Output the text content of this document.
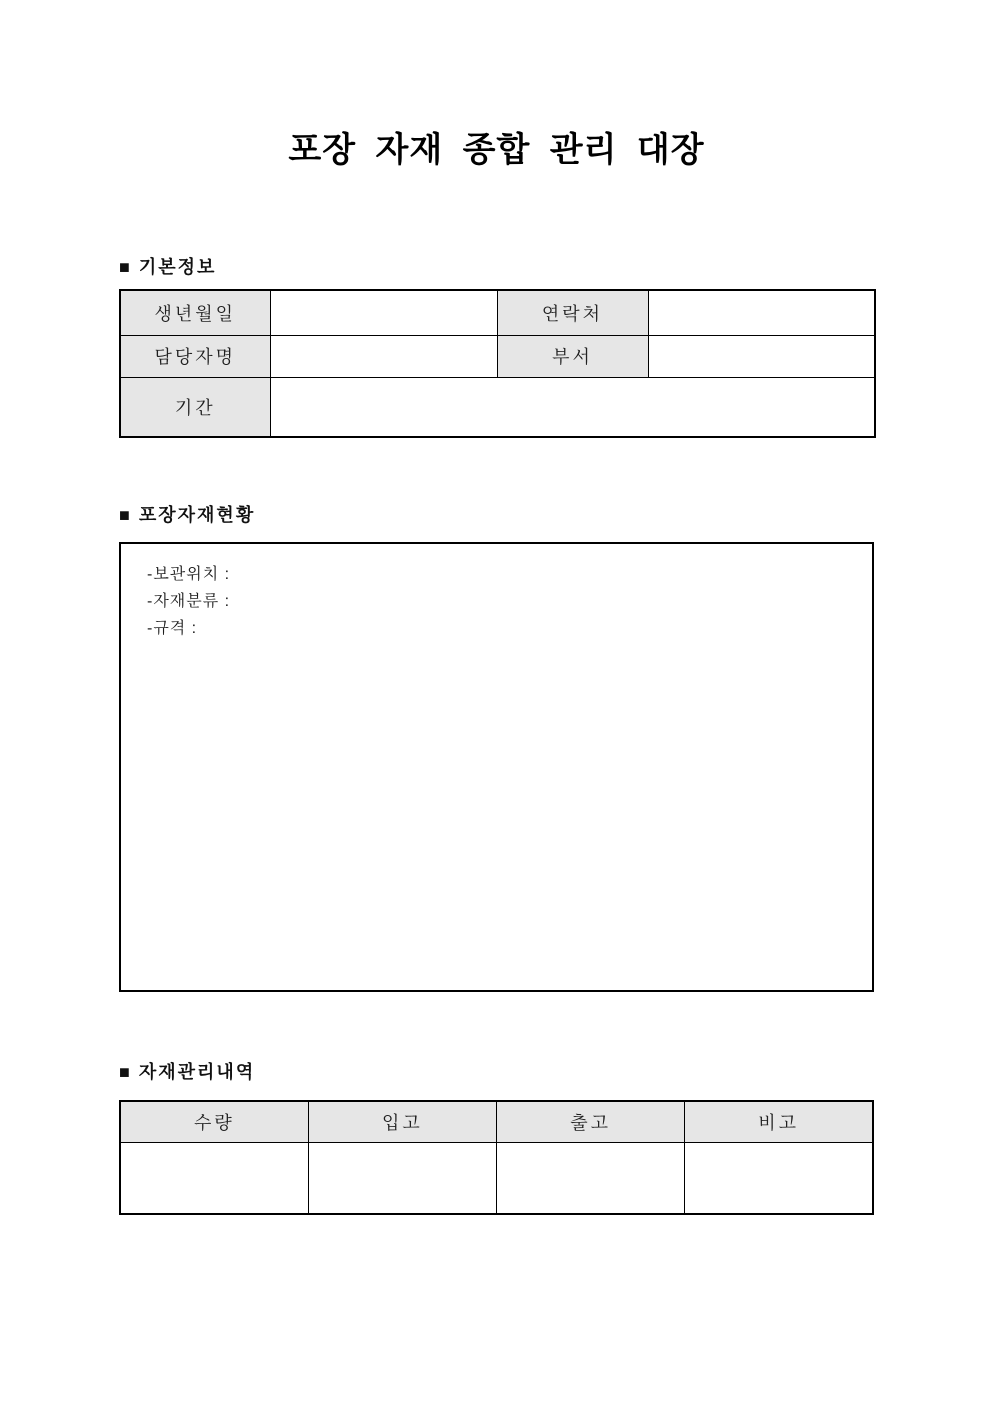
포장 자재 종합 관리 대장
■ 기본정보
생년월일		연락처	
담당자명		부서	
기간			
■ 포장자재현황
-보관위치 :
-자재분류 :
-규격 :
■ 자재관리내역
수량	입고	출고	비고
